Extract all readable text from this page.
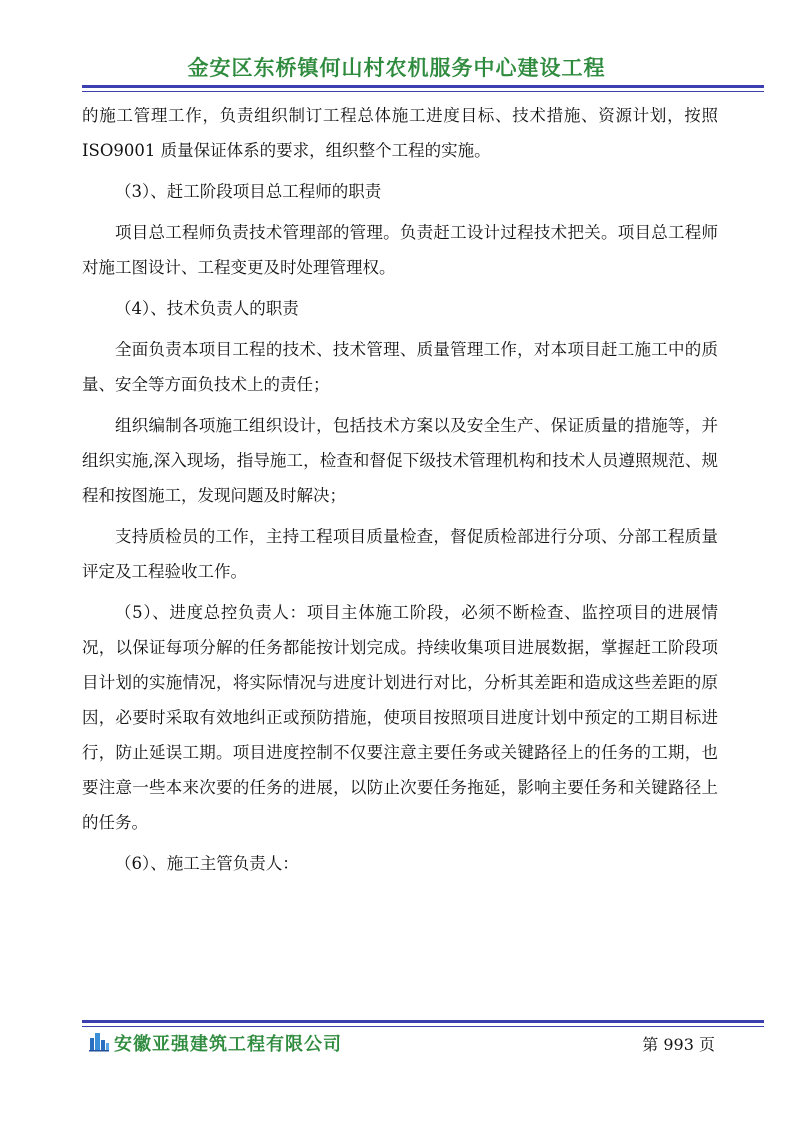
金安区东桥镇何山村农机服务中心建设工程

的施工管理工作，负责组织制订工程总体施工进度目标、技术措施、资源计划，按照 ISO9001 质量保证体系的要求，组织整个工程的实施。

（3）、赶工阶段项目总工程师的职责

项目总工程师负责技术管理部的管理。负责赶工设计过程技术把关。项目总工程师对施工图设计、工程变更及时处理管理权。

（4）、技术负责人的职责

全面负责本项目工程的技术、技术管理、质量管理工作，对本项目赶工施工中的质量、安全等方面负技术上的责任；

组织编制各项施工组织设计，包括技术方案以及安全生产、保证质量的措施等，并组织实施,深入现场，指导施工，检查和督促下级技术管理机构和技术人员遵照规范、规程和按图施工，发现问题及时解决；

支持质检员的工作，主持工程项目质量检查，督促质检部进行分项、分部工程质量评定及工程验收工作。

（5）、进度总控负责人：项目主体施工阶段，必须不断检查、监控项目的进展情况，以保证每项分解的任务都能按计划完成。持续收集项目进展数据，掌握赶工阶段项目计划的实施情况，将实际情况与进度计划进行对比，分析其差距和造成这些差距的原因，必要时采取有效地纠正或预防措施，使项目按照项目进度计划中预定的工期目标进行，防止延误工期。项目进度控制不仅要注意主要任务或关键路径上的任务的工期，也要注意一些本来次要的任务的进展，以防止次要任务拖延，影响主要任务和关键路径上的任务。

（6）、施工主管负责人：

安徽亚强建筑工程有限公司	第 993 页
